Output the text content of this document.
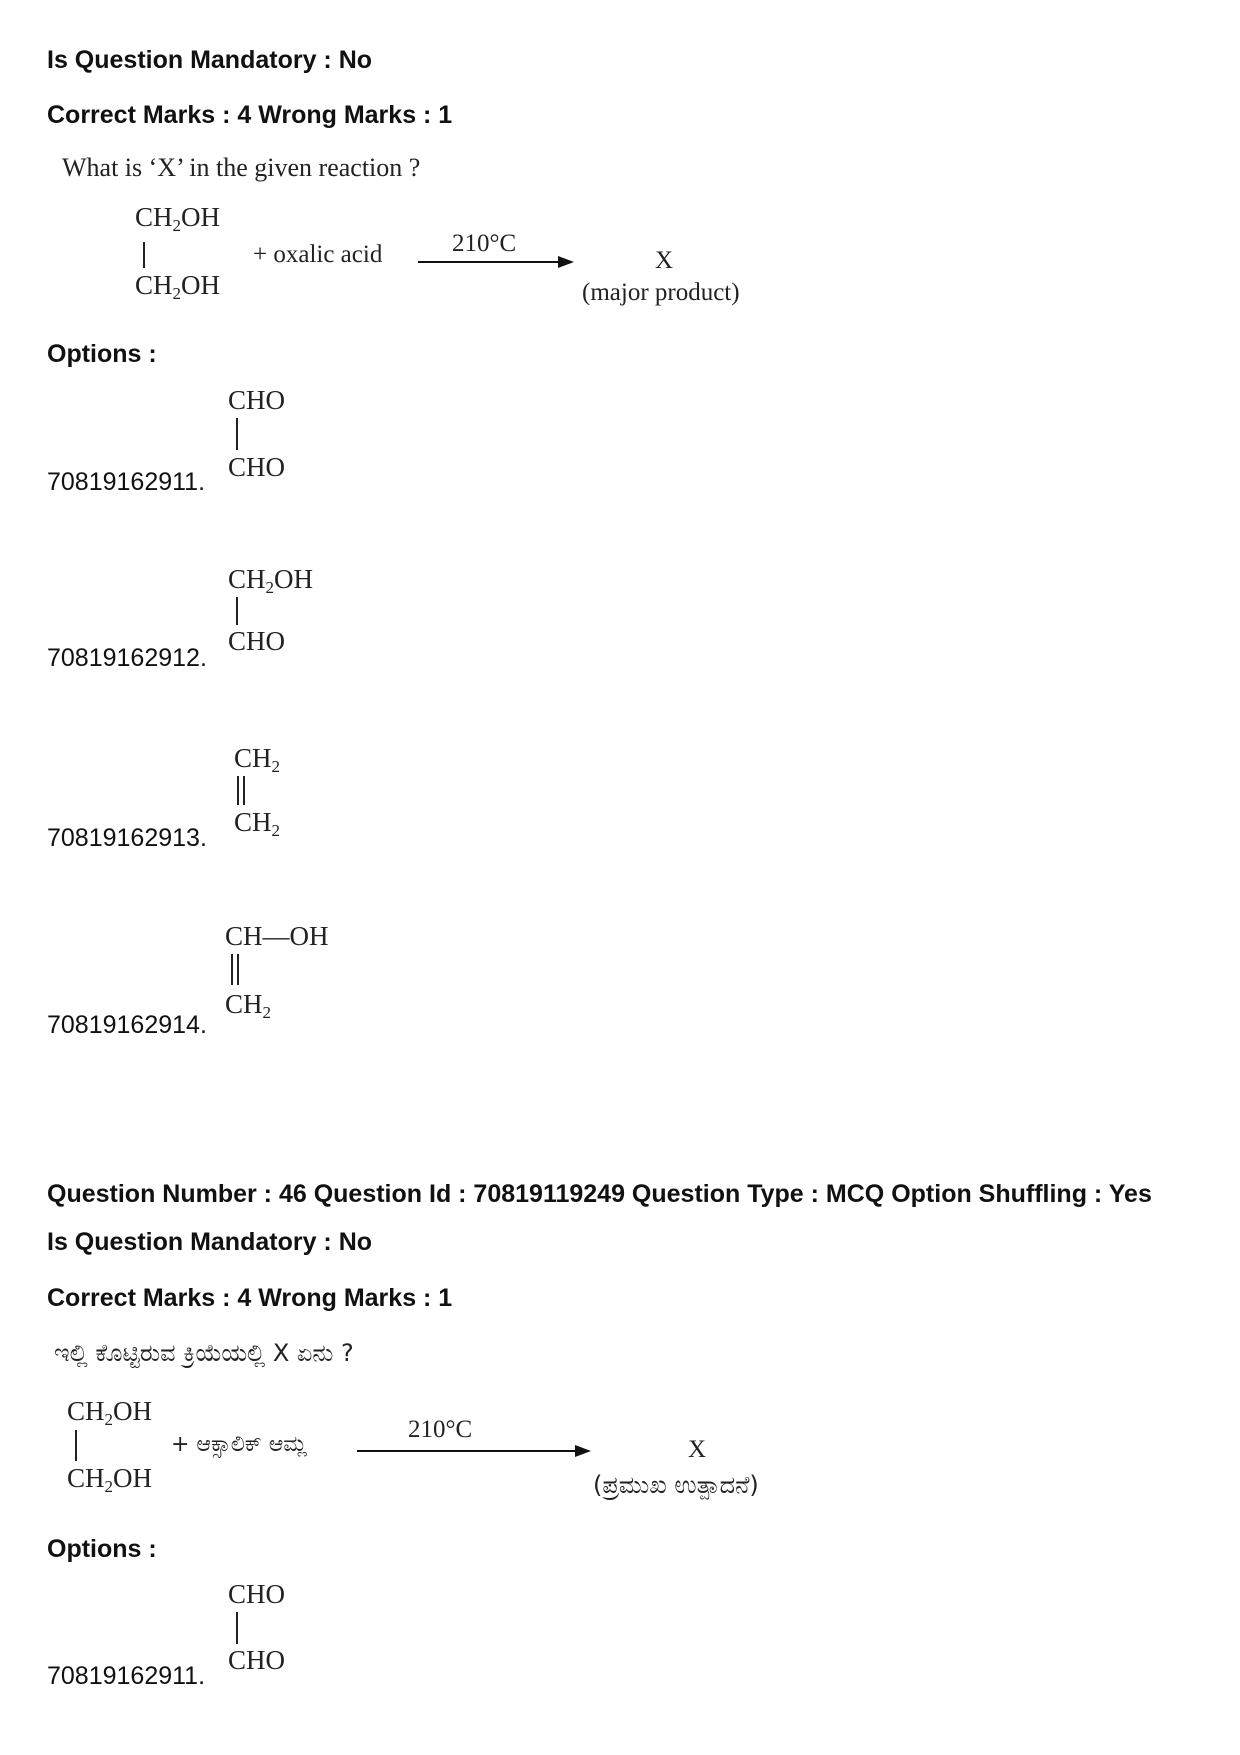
Is Question Mandatory : No
Correct Marks : 4 Wrong Marks : 1
What is ‘X’ in the given reaction ?
$CH_2OH$
$CH_2OH$
+ oxalic acid	210°C
X
(major product)
Options :
CHO
CHO
70819162911.
$CH_2OH$
CHO
70819162912.
$CH_2$
$CH_2$
70819162913.
CH—OH
$CH_2$
70819162914.
Question Number : 46 Question Id : 70819119249 Question Type : MCQ Option Shuffling : Yes
Is Question Mandatory : No
Correct Marks : 4 Wrong Marks : 1
ಇಲ್ಲಿ ಕೊಟ್ಟಿರುವ ಕ್ರಿಯೆಯಲ್ಲಿ X ಏನು ?
$CH_2OH$
$CH_2OH$
+ ಆಕ್ಸಾಲಿಕ್ ಆಮ್ಲ
210°C
X
(ಪ್ರಮುಖ ಉತ್ಪಾದನೆ)
Options :
CHO
CHO
70819162911.
